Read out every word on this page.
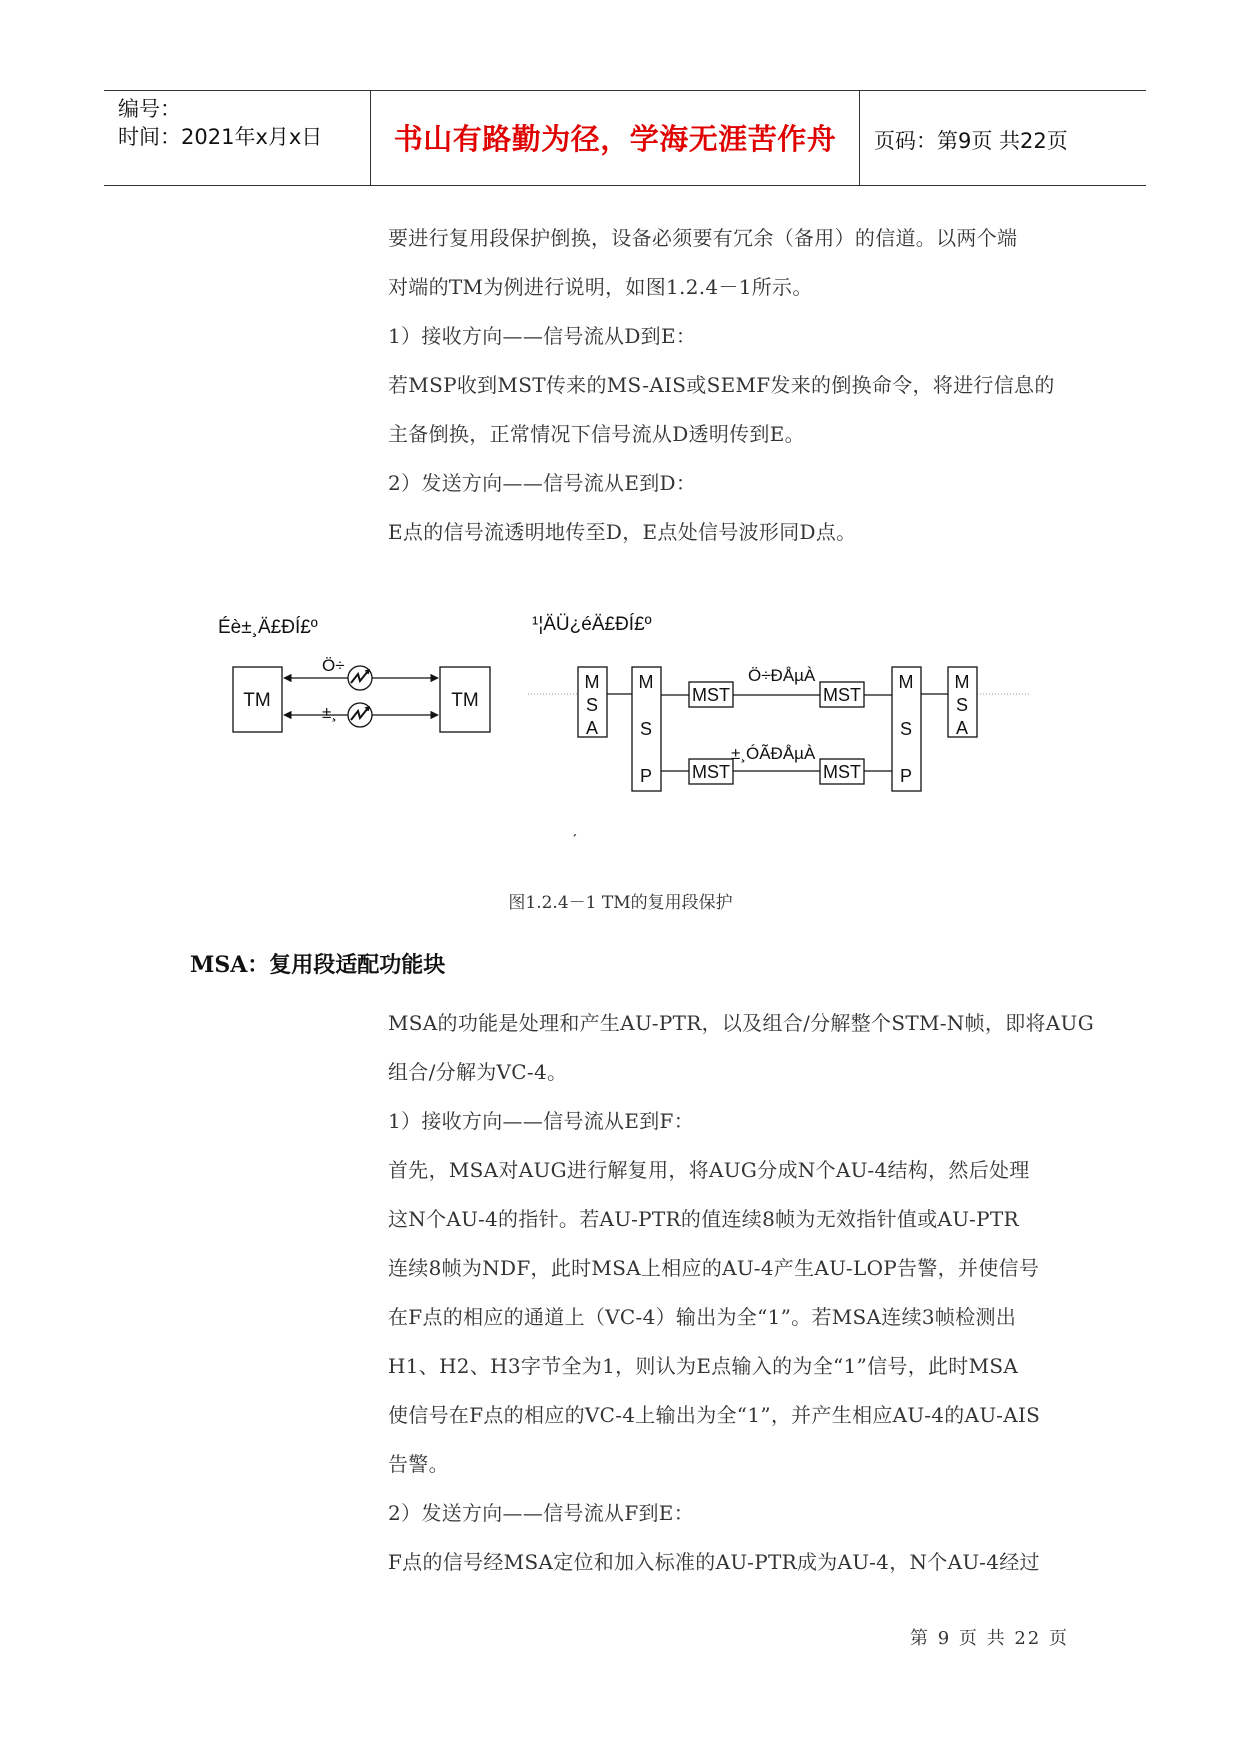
编号：
时间：2021年x月x日	书山有路勤为径，学海无涯苦作舟	页码：第9页 共22页

要进行复用段保护倒换，设备必须要有冗余（备用）的信道。以两个端

对端的TM为例进行说明，如图1.2.4－1所示。

1）接收方向——信号流从D到E：

若MSP收到MST传来的MS-AIS或SEMF发来的倒换命令，将进行信息的

主备倒换，正常情况下信号流从D透明传到E。

2）发送方向——信号流从E到D：

E点的信号流透明地传至D，E点处信号波形同D点。

Éè±¸Ä£ÐÍ£º	¹¦ÄÜ¿éÄ£ÐÍ£º
TM	TM
Ö÷
±¸
M
S
A
M
S
P
MST
Ö÷ÐÅµÀ
MST
MST
±¸ÓÃÐÅµÀ
MST
M
S
P
M
S
A
ˊ
图1.2.4－1 TM的复用段保护
MSA：复用段适配功能块

MSA的功能是处理和产生AU-PTR，以及组合/分解整个STM-N帧，即将AUG

组合/分解为VC-4。

1）接收方向——信号流从E到F：

首先，MSA对AUG进行解复用，将AUG分成N个AU-4结构，然后处理

这N个AU-4的指针。若AU-PTR的值连续8帧为无效指针值或AU-PTR

连续8帧为NDF，此时MSA上相应的AU-4产生AU-LOP告警，并使信号

在F点的相应的通道上（VC-4）输出为全“1”。若MSA连续3帧检测出

H1、H2、H3字节全为1，则认为E点输入的为全“1”信号，此时MSA

使信号在F点的相应的VC-4上输出为全“1”，并产生相应AU-4的AU-AIS

告警。

2）发送方向——信号流从F到E：

F点的信号经MSA定位和加入标准的AU-PTR成为AU-4，N个AU-4经过

第 9 页 共 22 页
